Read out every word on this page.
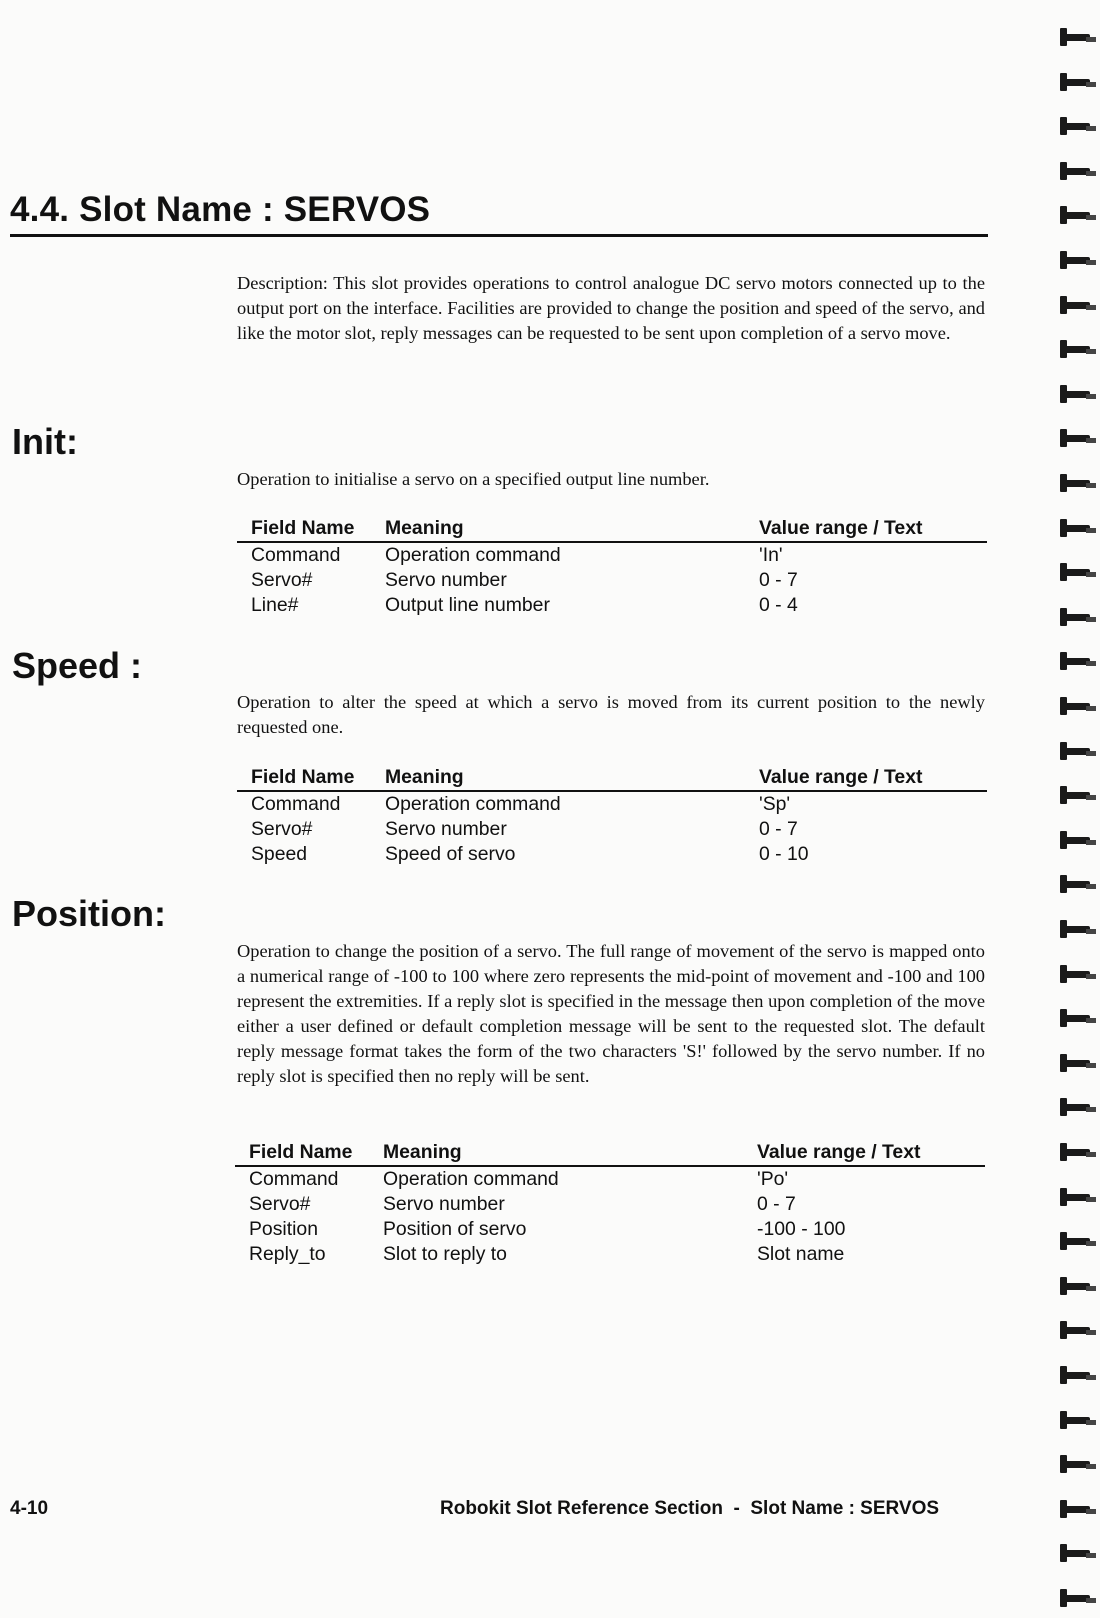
4.4. Slot Name : SERVOS

Description: This slot provides operations to control analogue DC servo motors connected up to the output port on the interface. Facilities are provided to change the position and speed of the servo, and like the motor slot, reply messages can be requested to be sent upon completion of a servo move.

Init:

Operation to initialise a servo on a specified output line number.

Field Name	Meaning	Value range / Text
Command	Operation command	'In'
Servo#	Servo number	0 - 7
Line#	Output line number	0 - 4
Speed :

Operation to alter the speed at which a servo is moved from its current position to the newly requested one.

Field Name	Meaning	Value range / Text
Command	Operation command	'Sp'
Servo#	Servo number	0 - 7
Speed	Speed of servo	0 - 10
Position:

Operation to change the position of a servo. The full range of movement of the servo is mapped onto a numerical range of -100 to 100 where zero represents the mid-point of movement and -100 and 100 represent the extremities. If a reply slot is specified in the message then upon completion of the move either a user defined or default completion message will be sent to the requested slot. The default reply message format takes the form of the two characters 'S!' followed by the servo number. If no reply slot is specified then no reply will be sent.

Field Name	Meaning	Value range / Text
Command	Operation command	'Po'
Servo#	Servo number	0 - 7
Position	Position of servo	-100 - 100
Reply_to	Slot to reply to	Slot name
4-10	Robokit Slot Reference Section  -  Slot Name : SERVOS
